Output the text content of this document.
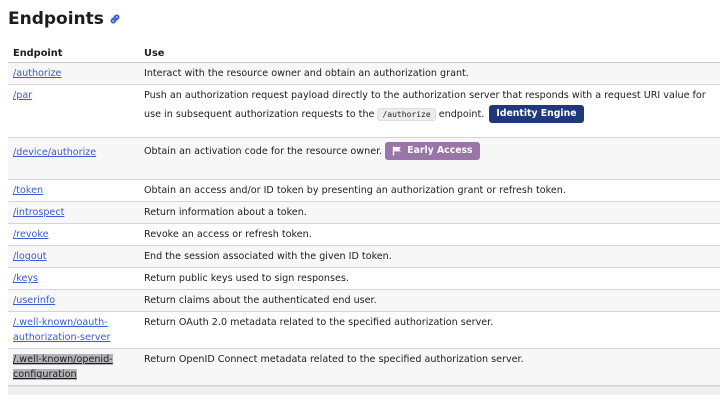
Endpoints
Endpoint	Use
/authorize	Interact with the resource owner and obtain an authorization grant.
/par	Push an authorization request payload directly to the authorization server that responds with a request URI value for use in subsequent authorization requests to the /authorize endpoint. Identity Engine
/device/authorize	Obtain an activation code for the resource owner. Early Access

/token	Obtain an access and/or ID token by presenting an authorization grant or refresh token.
/introspect	Return information about a token.
/revoke	Revoke an access or refresh token.
/logout	End the session associated with the given ID token.
/keys	Return public keys used to sign responses.
/userinfo	Return claims about the authenticated end user.
/.well-known/oauth-authorization-server	Return OAuth 2.0 metadata related to the specified authorization server.
/.well-known/openid-configuration	Return OpenID Connect metadata related to the specified authorization server.
